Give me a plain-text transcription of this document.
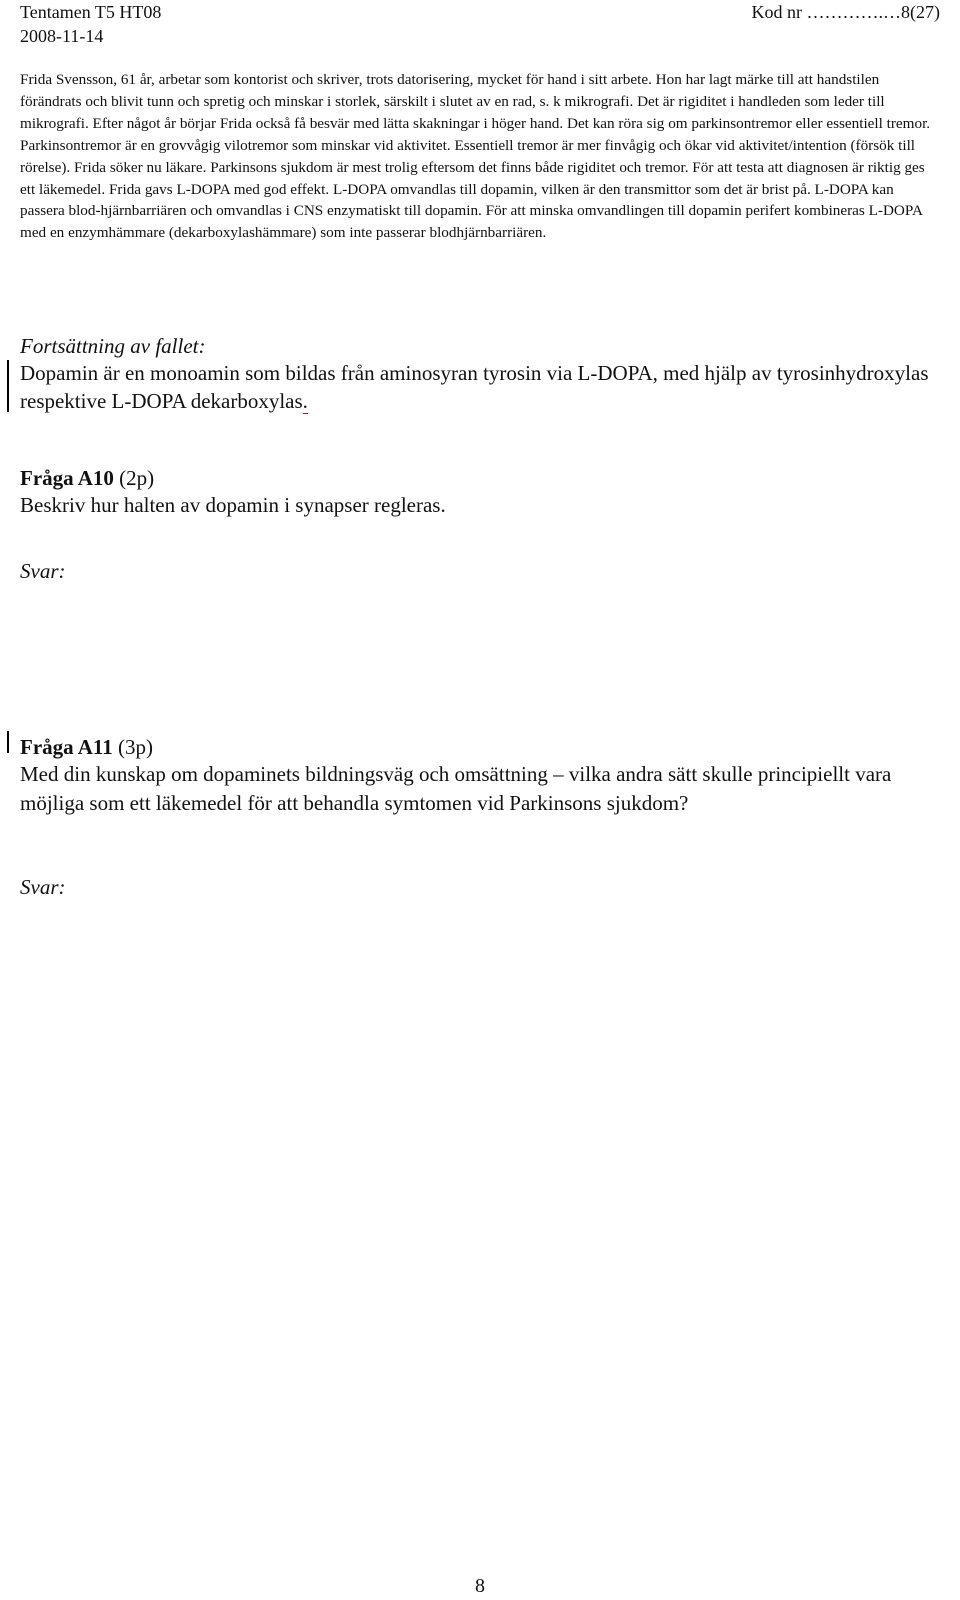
Tentamen T5 HT08
2008-11-14
Kod nr ………….…8(27)

Frida Svensson, 61 år, arbetar som kontorist och skriver, trots datorisering, mycket för hand i sitt arbete. Hon har lagt märke till att handstilen förändrats och blivit tunn och spretig och minskar i storlek, särskilt i slutet av en rad, s. k mikrografi. Det är rigiditet i handleden som leder till mikrografi. Efter något år börjar Frida också få besvär med lätta skakningar i höger hand. Det kan röra sig om parkinsontremor eller essentiell tremor. Parkinsontremor är en grovvågig vilotremor som minskar vid aktivitet. Essentiell tremor är mer finvågig och ökar vid aktivitet/intention (försök till rörelse). Frida söker nu läkare. Parkinsons sjukdom är mest trolig eftersom det finns både rigiditet och tremor. För att testa att diagnosen är riktig ges ett läkemedel. Frida gavs L-DOPA med god effekt. L-DOPA omvandlas till dopamin, vilken är den transmittor som det är brist på. L-DOPA kan passera blod-hjärnbarriären och omvandlas i CNS enzymatiskt till dopamin. För att minska omvandlingen till dopamin perifert kombineras L-DOPA med en enzymhämmare (dekarboxylashämmare) som inte passerar blodhjärnbarriären.

Fortsättning av fallet:

Dopamin är en monoamin som bildas från aminosyran tyrosin via L-DOPA, med hjälp av tyrosinhydroxylas respektive L-DOPA dekarboxylas.

Fråga A10 (2p)

Beskriv hur halten av dopamin i synapser regleras.

Svar:

Fråga A11 (3p)

Med din kunskap om dopaminets bildningsväg och omsättning – vilka andra sätt skulle principiellt vara möjliga som ett läkemedel för att behandla symtomen vid Parkinsons sjukdom?

Svar:

8
